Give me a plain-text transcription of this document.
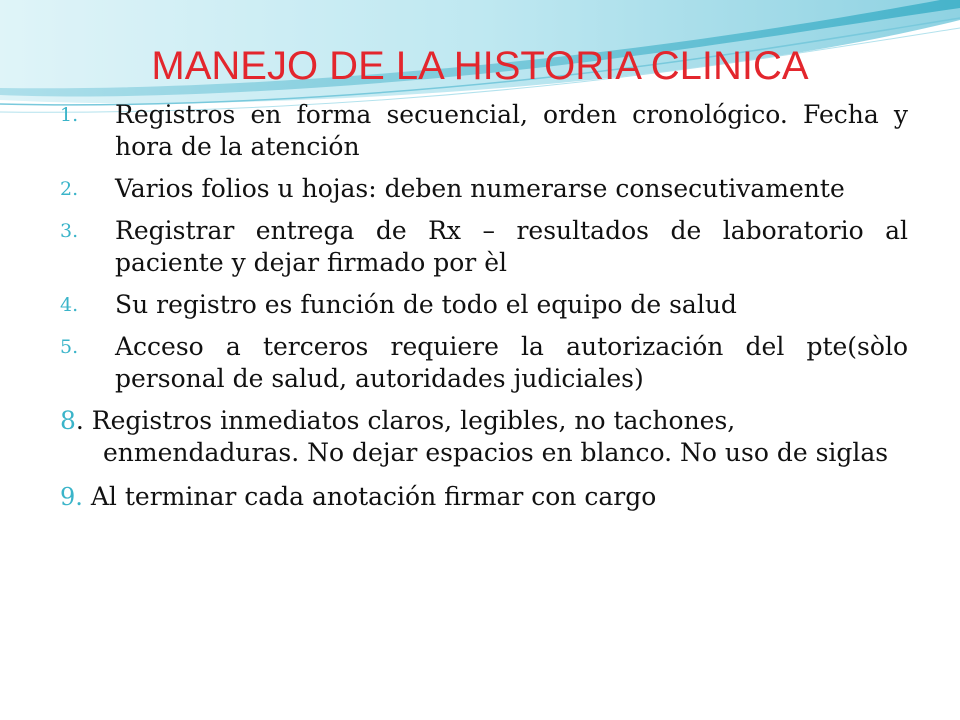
MANEJO DE LA HISTORIA CLINICA
1. Registros en forma secuencial, orden cronológico. Fecha y hora de la atención
2. Varios folios u hojas: deben numerarse consecutivamente
3. Registrar entrega de Rx – resultados de laboratorio al paciente y dejar firmado por èl
4. Su registro es función de todo el equipo de salud
5. Acceso a terceros requiere la autorización del pte(sòlo personal de salud, autoridades judiciales)
8. Registros inmediatos claros, legibles, no tachones, enmendaduras. No dejar espacios en blanco. No uso de siglas
9. Al terminar cada anotación firmar con cargo
